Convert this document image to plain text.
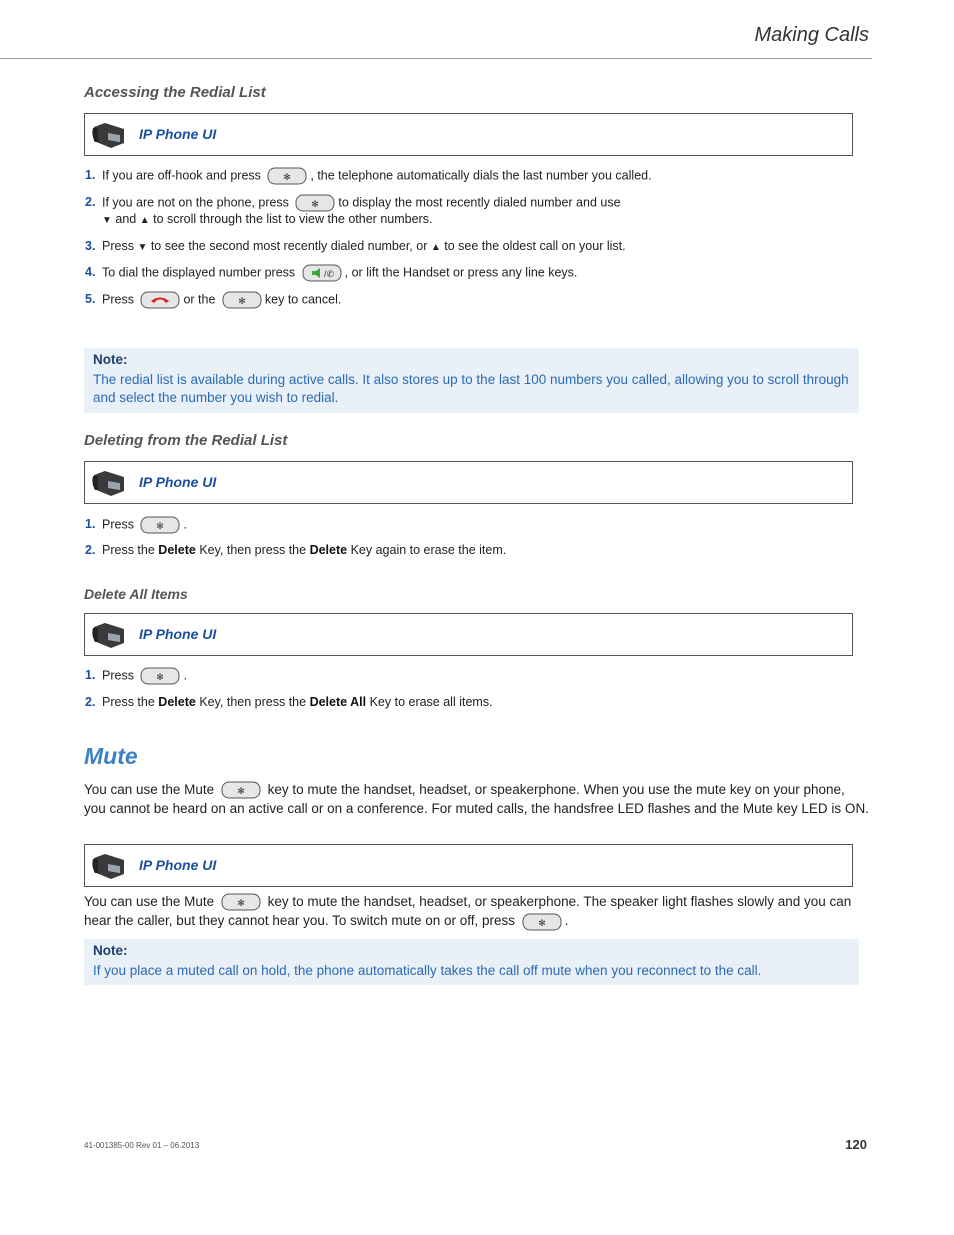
Making Calls
Accessing the Redial List
IP Phone UI
1. If you are off-hook and press	✻ , the telephone automatically dials the last number you called.
2. If you are not on the phone, press	✻ to display the most recently dialed number and use
▼ and ▲ to scroll through the list to view the other numbers.
3. Press ▼ to see the second most recently dialed number, or ▲ to see the oldest call on your list.
4. To dial the displayed number press	/✆ , or lift the Handset or press any line keys.
5. Press	or the	✻ key to cancel.
Note:
The redial list is available during active calls. It also stores up to the last 100 numbers you called, allowing you to scroll through and select the number you wish to redial.
Deleting from the Redial List
IP Phone UI
1. Press	✻ .
2. Press the Delete Key, then press the Delete Key again to erase the item.
Delete All Items
IP Phone UI
1. Press	✻ .
2. Press the Delete Key, then press the Delete All Key to erase all items.
Mute
You can use the Mute	✻ key to mute the handset, headset, or speakerphone. When you use the mute key on your phone, you cannot be heard on an active call or on a conference. For muted calls, the handsfree LED flashes and the Mute key LED is ON.
IP Phone UI
You can use the Mute	✻ key to mute the handset, headset, or speakerphone. The speaker light flashes slowly and you can hear the caller, but they cannot hear you. To switch mute on or off, press	✻ .
Note:
If you place a muted call on hold, the phone automatically takes the call off mute when you reconnect to the call.
41-001385-00 Rev 01 – 06.2013	120
